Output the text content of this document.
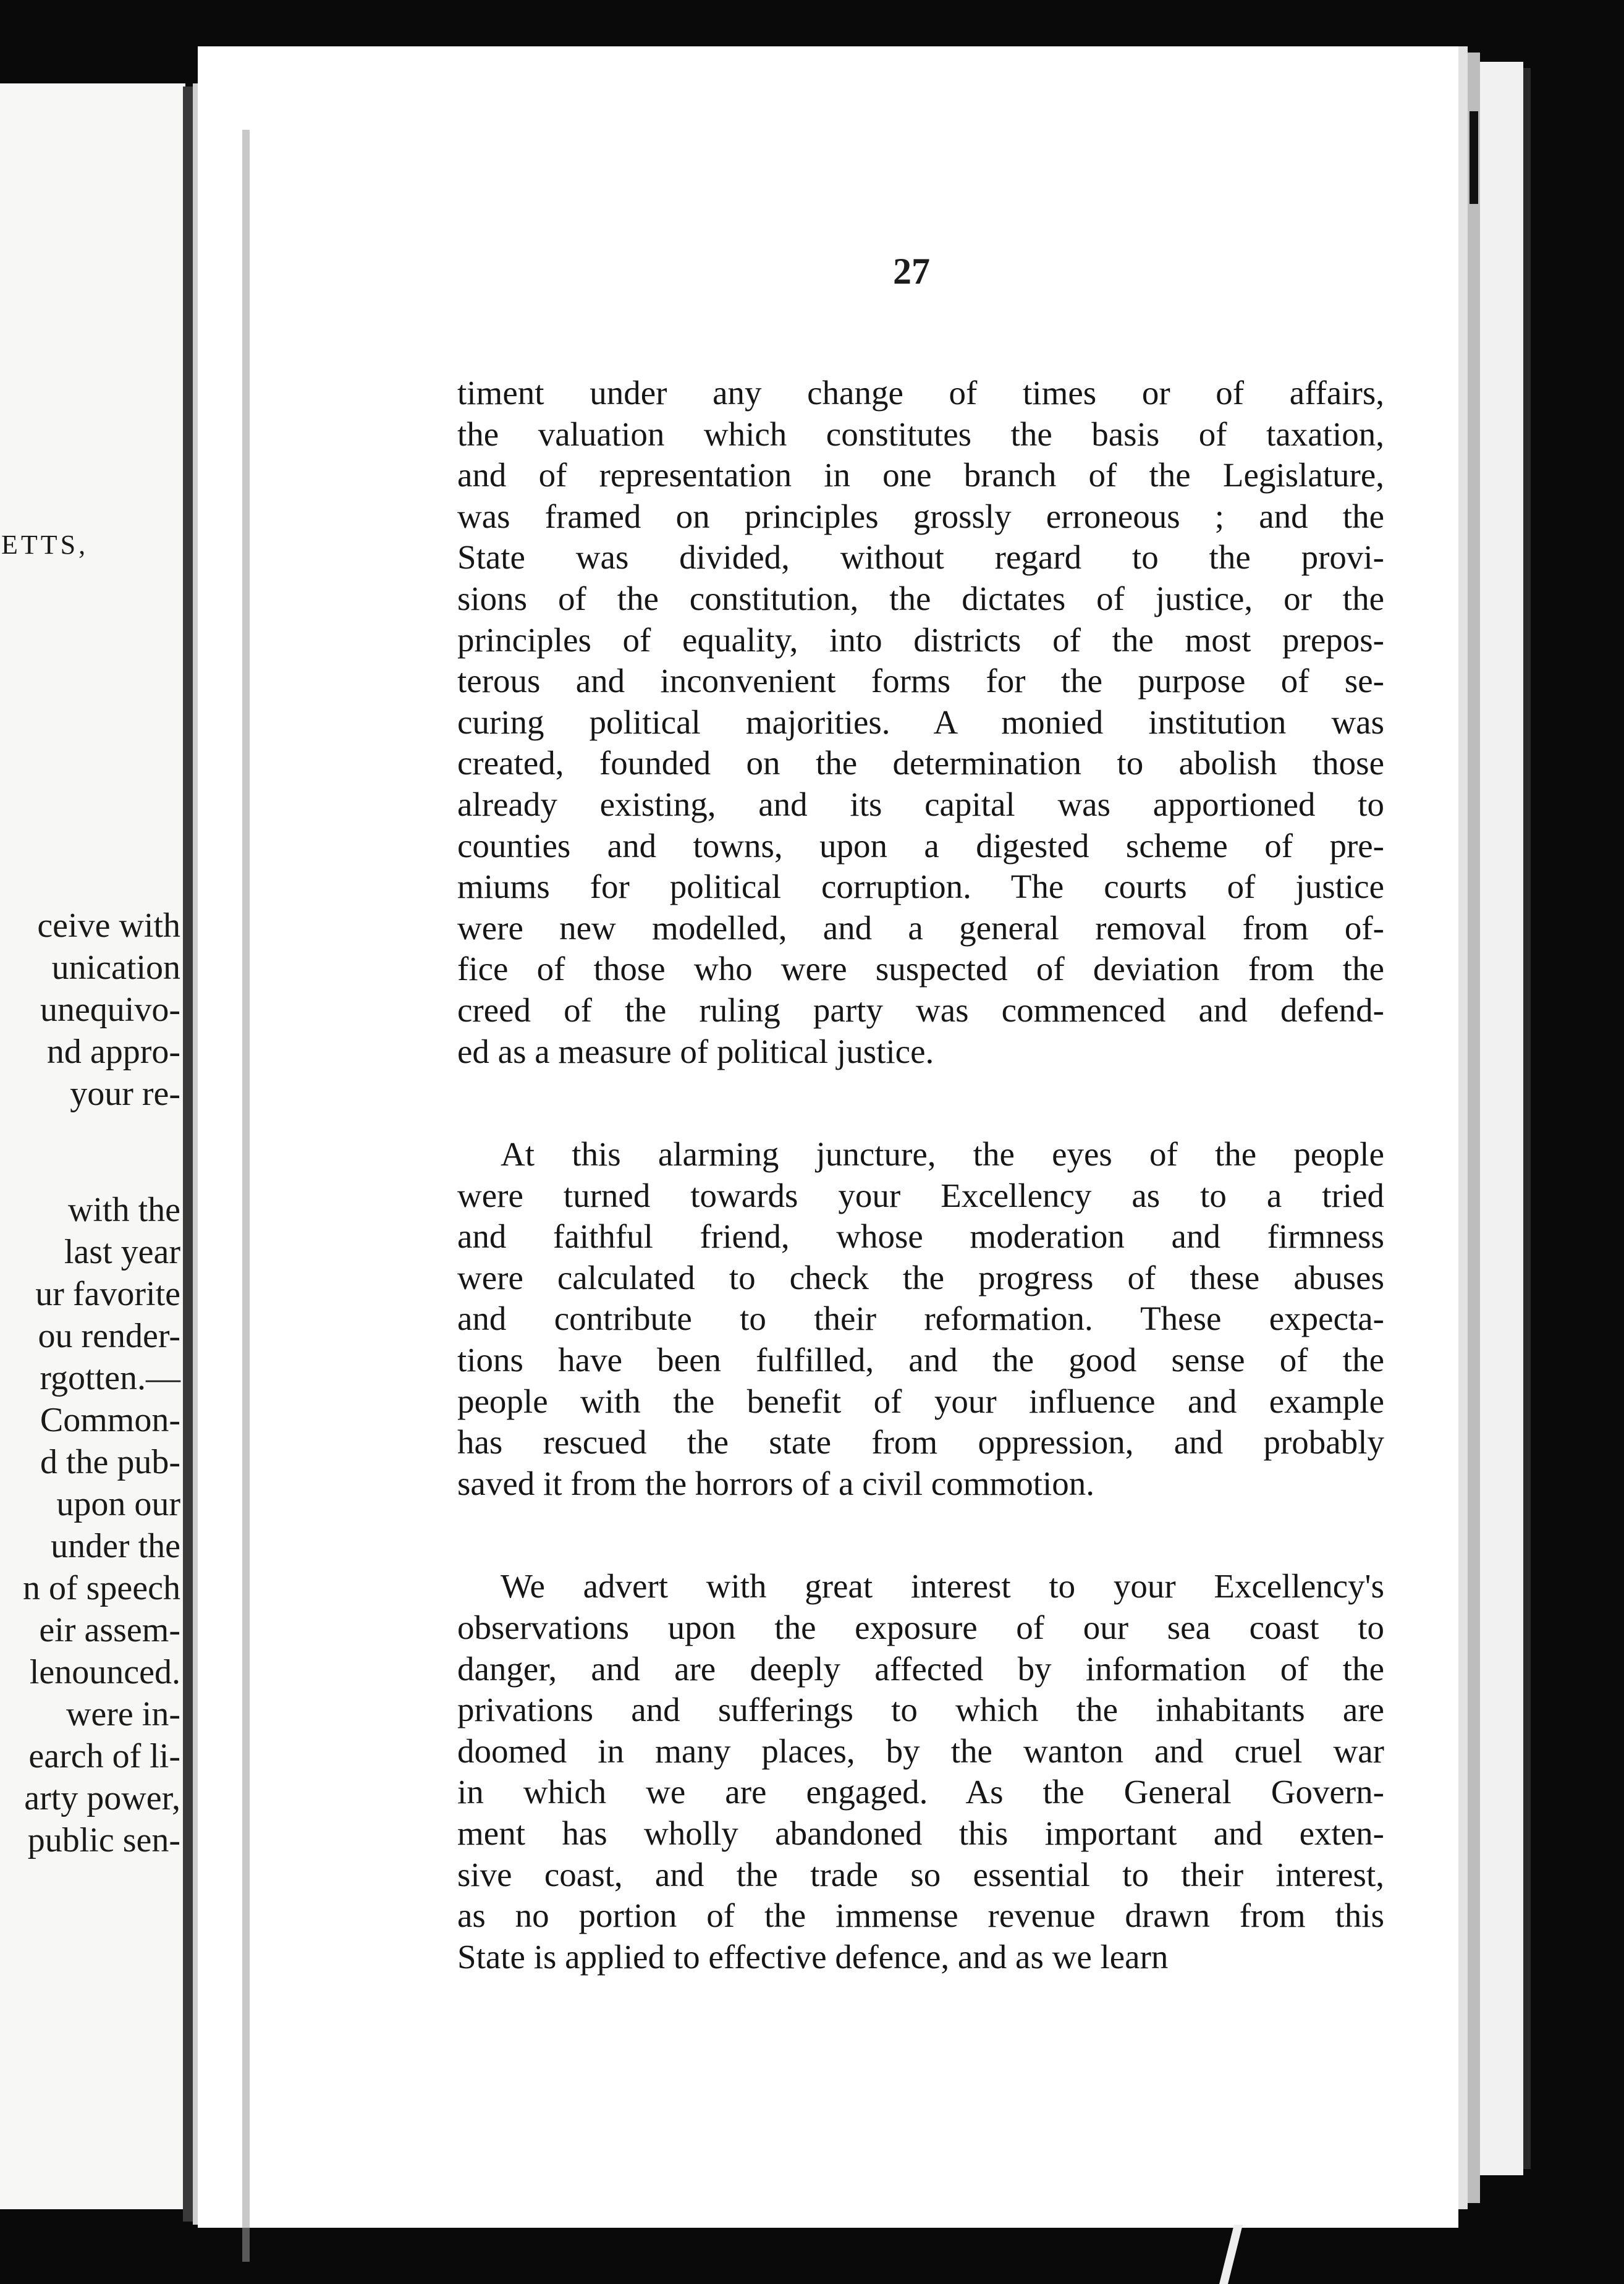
ETTS,
ceive with
unication
unequivo-
nd appro-
your re-
with the
last year
ur favorite
ou render-
rgotten.—
Common-
d the pub-
upon our
under the
n of speech
eir assem-
lenounced.
were in-
earch of li-
arty power,
public sen-
27
timent under any change of times or of affairs,
the valuation which constitutes the basis of taxation,
and of representation in one branch of the Legislature,
was framed on principles grossly erroneous ; and the
State was divided, without regard to the provi-
sions of the constitution, the dictates of justice, or the
principles of equality, into districts of the most prepos-
terous and inconvenient forms for the purpose of se-
curing political majorities. A monied institution was
created, founded on the determination to abolish those
already existing, and its capital was apportioned to
counties and towns, upon a digested scheme of pre-
miums for political corruption. The courts of justice
were new modelled, and a general removal from of-
fice of those who were suspected of deviation from the
creed of the ruling party was commenced and defend-
ed as a measure of political justice.
At this alarming juncture, the eyes of the people
were turned towards your Excellency as to a tried
and faithful friend, whose moderation and firmness
were calculated to check the progress of these abuses
and contribute to their reformation. These expecta-
tions have been fulfilled, and the good sense of the
people with the benefit of your influence and example
has rescued the state from oppression, and probably
saved it from the horrors of a civil commotion.
We advert with great interest to your Excellency's
observations upon the exposure of our sea coast to
danger, and are deeply affected by information of the
privations and sufferings to which the inhabitants are
doomed in many places, by the wanton and cruel war
in which we are engaged. As the General Govern-
ment has wholly abandoned this important and exten-
sive coast, and the trade so essential to their interest,
as no portion of the immense revenue drawn from this
State is applied to effective defence, and as we learn
